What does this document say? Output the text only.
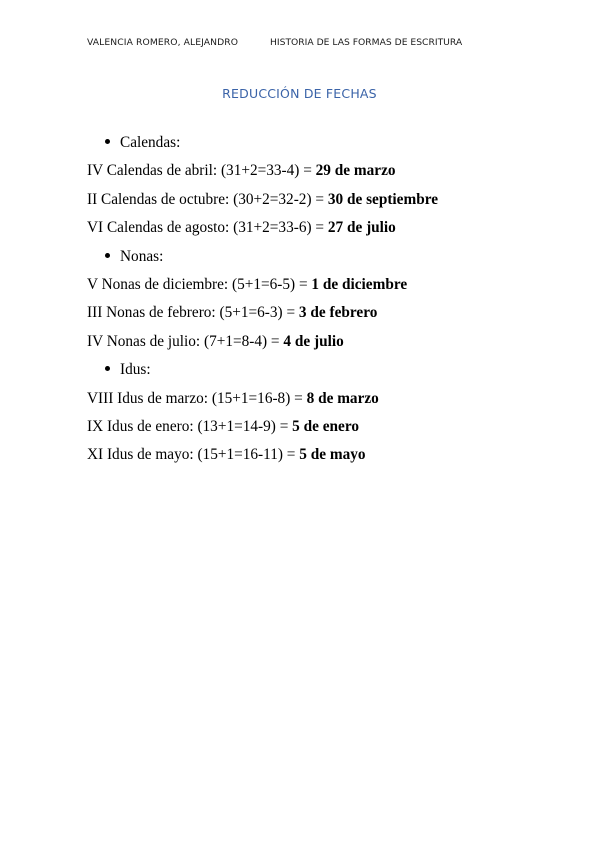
VALENCIA ROMERO, ALEJANDRO	HISTORIA DE LAS FORMAS DE ESCRITURA
REDUCCIÓN DE FECHAS
Calendas:
IV Calendas de abril: (31+2=33-4) = 29 de marzo
II Calendas de octubre: (30+2=32-2) = 30 de septiembre
VI Calendas de agosto: (31+2=33-6) = 27 de julio
Nonas:
V Nonas de diciembre: (5+1=6-5) = 1 de diciembre
III Nonas de febrero: (5+1=6-3) = 3 de febrero
IV Nonas de julio: (7+1=8-4) = 4 de julio
Idus:
VIII Idus de marzo: (15+1=16-8) = 8 de marzo
IX Idus de enero: (13+1=14-9) = 5 de enero
XI Idus de mayo: (15+1=16-11) = 5 de mayo
